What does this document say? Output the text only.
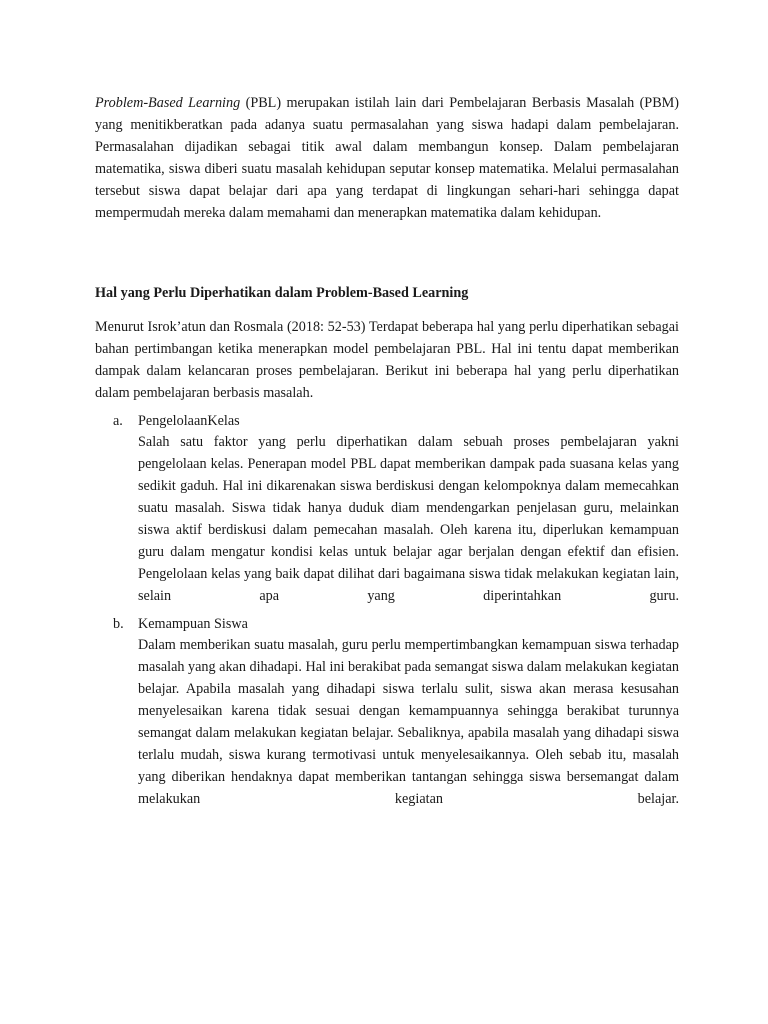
Problem-Based Learning (PBL) merupakan istilah lain dari Pembelajaran Berbasis Masalah (PBM) yang menitikberatkan pada adanya suatu permasalahan yang siswa hadapi dalam pembelajaran. Permasalahan dijadikan sebagai titik awal dalam membangun konsep. Dalam pembelajaran matematika, siswa diberi suatu masalah kehidupan seputar konsep matematika. Melalui permasalahan tersebut siswa dapat belajar dari apa yang terdapat di lingkungan sehari-hari sehingga dapat mempermudah mereka dalam memahami dan menerapkan matematika dalam kehidupan.

Hal yang Perlu Diperhatikan dalam Problem-Based Learning

Menurut Isrok’atun dan Rosmala (2018: 52-53) Terdapat beberapa hal yang perlu diperhatikan sebagai bahan pertimbangan ketika menerapkan model pembelajaran PBL. Hal ini tentu dapat memberikan dampak dalam kelancaran proses pembelajaran. Berikut ini beberapa hal yang perlu diperhatikan dalam pembelajaran berbasis masalah.

a. PengelolaanKelas

Salah satu faktor yang perlu diperhatikan dalam sebuah proses pembelajaran yakni pengelolaan kelas. Penerapan model PBL dapat memberikan dampak pada suasana kelas yang sedikit gaduh. Hal ini dikarenakan siswa berdiskusi dengan kelompoknya dalam memecahkan suatu masalah. Siswa tidak hanya duduk diam mendengarkan penjelasan guru, melainkan siswa aktif berdiskusi dalam pemecahan masalah. Oleh karena itu, diperlukan kemampuan guru dalam mengatur kondisi kelas untuk belajar agar berjalan dengan efektif dan efisien. Pengelolaan kelas yang baik dapat dilihat dari bagaimana siswa tidak melakukan kegiatan lain, selain apa yang diperintahkan guru.

b. Kemampuan Siswa

Dalam memberikan suatu masalah, guru perlu mempertimbangkan kemampuan siswa terhadap masalah yang akan dihadapi. Hal ini berakibat pada semangat siswa dalam melakukan kegiatan belajar. Apabila masalah yang dihadapi siswa terlalu sulit, siswa akan merasa kesusahan menyelesaikan karena tidak sesuai dengan kemampuannya sehingga berakibat turunnya semangat dalam melakukan kegiatan belajar. Sebaliknya, apabila masalah yang dihadapi siswa terlalu mudah, siswa kurang termotivasi untuk menyelesaikannya. Oleh sebab itu, masalah yang diberikan hendaknya dapat memberikan tantangan sehingga siswa bersemangat dalam melakukan kegiatan belajar.
